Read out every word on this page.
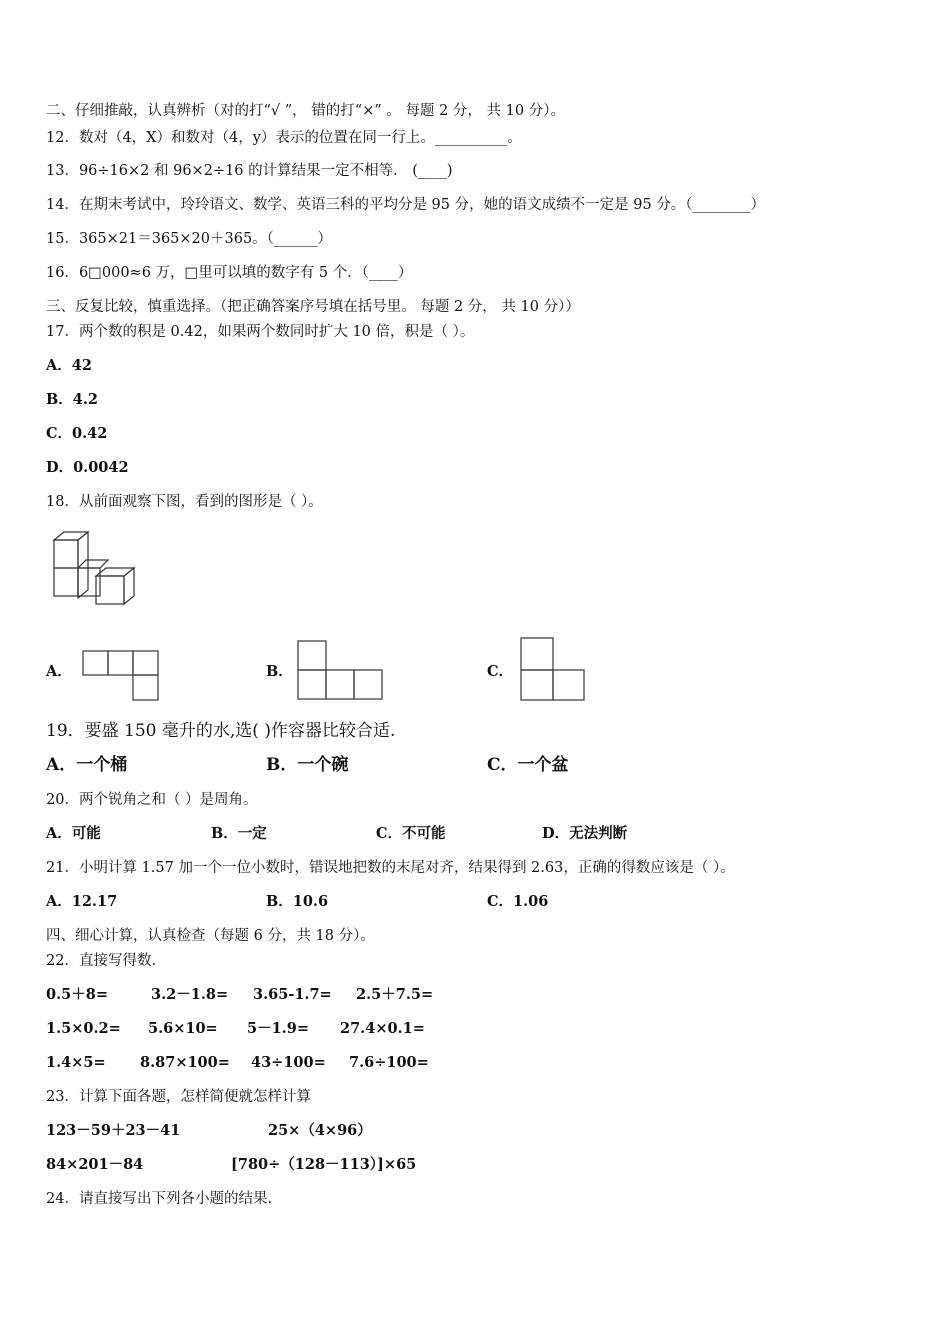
二、仔细推敲，认真辨析（对的打“√ ”， 错的打“×” 。 每题 2 分， 共 10 分）。
12．数对（4，X）和数对（4，y）表示的位置在同一行上。__________。
13．96÷16×2 和 96×2÷16 的计算结果一定不相等． (____)
14．在期末考试中，玲玲语文、数学、英语三科的平均分是 95 分，她的语文成绩不一定是 95 分。（________）
15．365×21＝365×20＋365。（______）
16．6□000≈6 万，□里可以填的数字有 5 个．（____）
三、反复比较，慎重选择。（把正确答案序号填在括号里。 每题 2 分， 共 10 分））
17．两个数的积是 0.42，如果两个数同时扩大 10 倍，积是（ ）。
A．42
B．4.2
C．0.42
D．0.0042
18．从前面观察下图，看到的图形是（ ）。
A．	B．	C．
19．要盛 150 毫升的水,选( )作容器比较合适.
A．一个桶	B．一个碗	C．一个盆
20．两个锐角之和（ ）是周角。
A．可能	B．一定	C．不可能	D．无法判断
21．小明计算 1.57 加一个一位小数时，错误地把数的末尾对齐，结果得到 2.63，正确的得数应该是（ ）。
A．12.17	B．10.6	C．1.06
四、细心计算，认真检查（每题 6 分，共 18 分）。
22．直接写得数.
0.5＋8=	3.2－1.8= 3.65-1.7= 2.5＋7.5=
1.5×0.2= 5.6×10= 5－1.9= 27.4×0.1=
1.4×5= 8.87×100= 43÷100= 7.6÷100=
23．计算下面各题，怎样简便就怎样计算
123－59＋23－41	25×（4×96）
84×201－84	[780÷（128－113）]×65
24．请直接写出下列各小题的结果.
